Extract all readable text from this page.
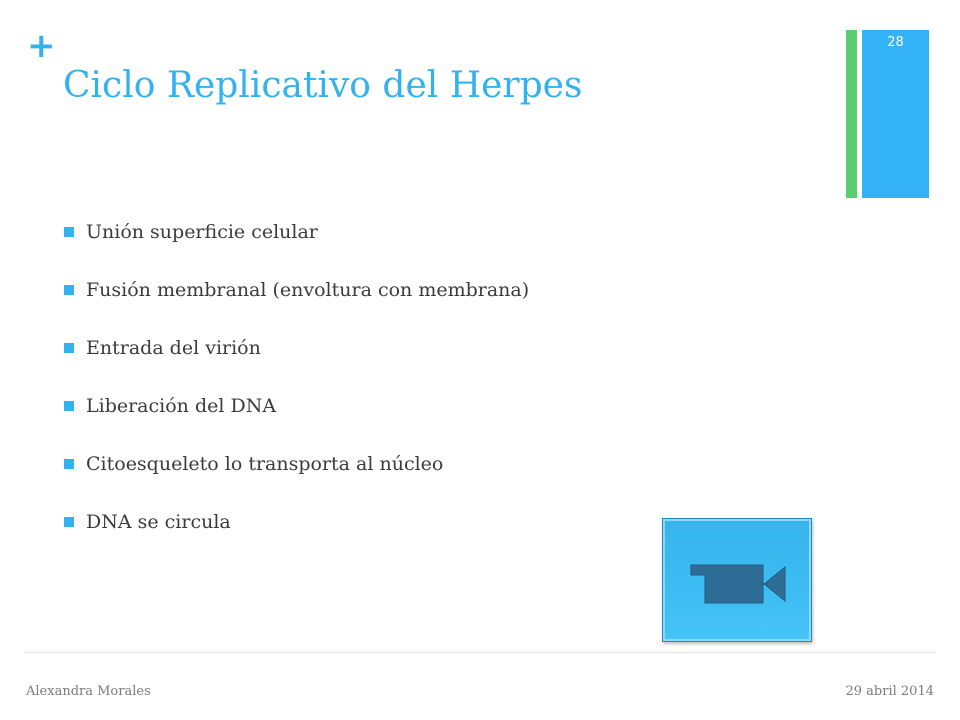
+
Ciclo Replicativo del Herpes
28
Unión superficie celular
Fusión membranal (envoltura con membrana)
Entrada del virión
Liberación del DNA
Citoesqueleto lo transporta al núcleo
DNA se circula
Alexandra Morales	29 abril 2014
